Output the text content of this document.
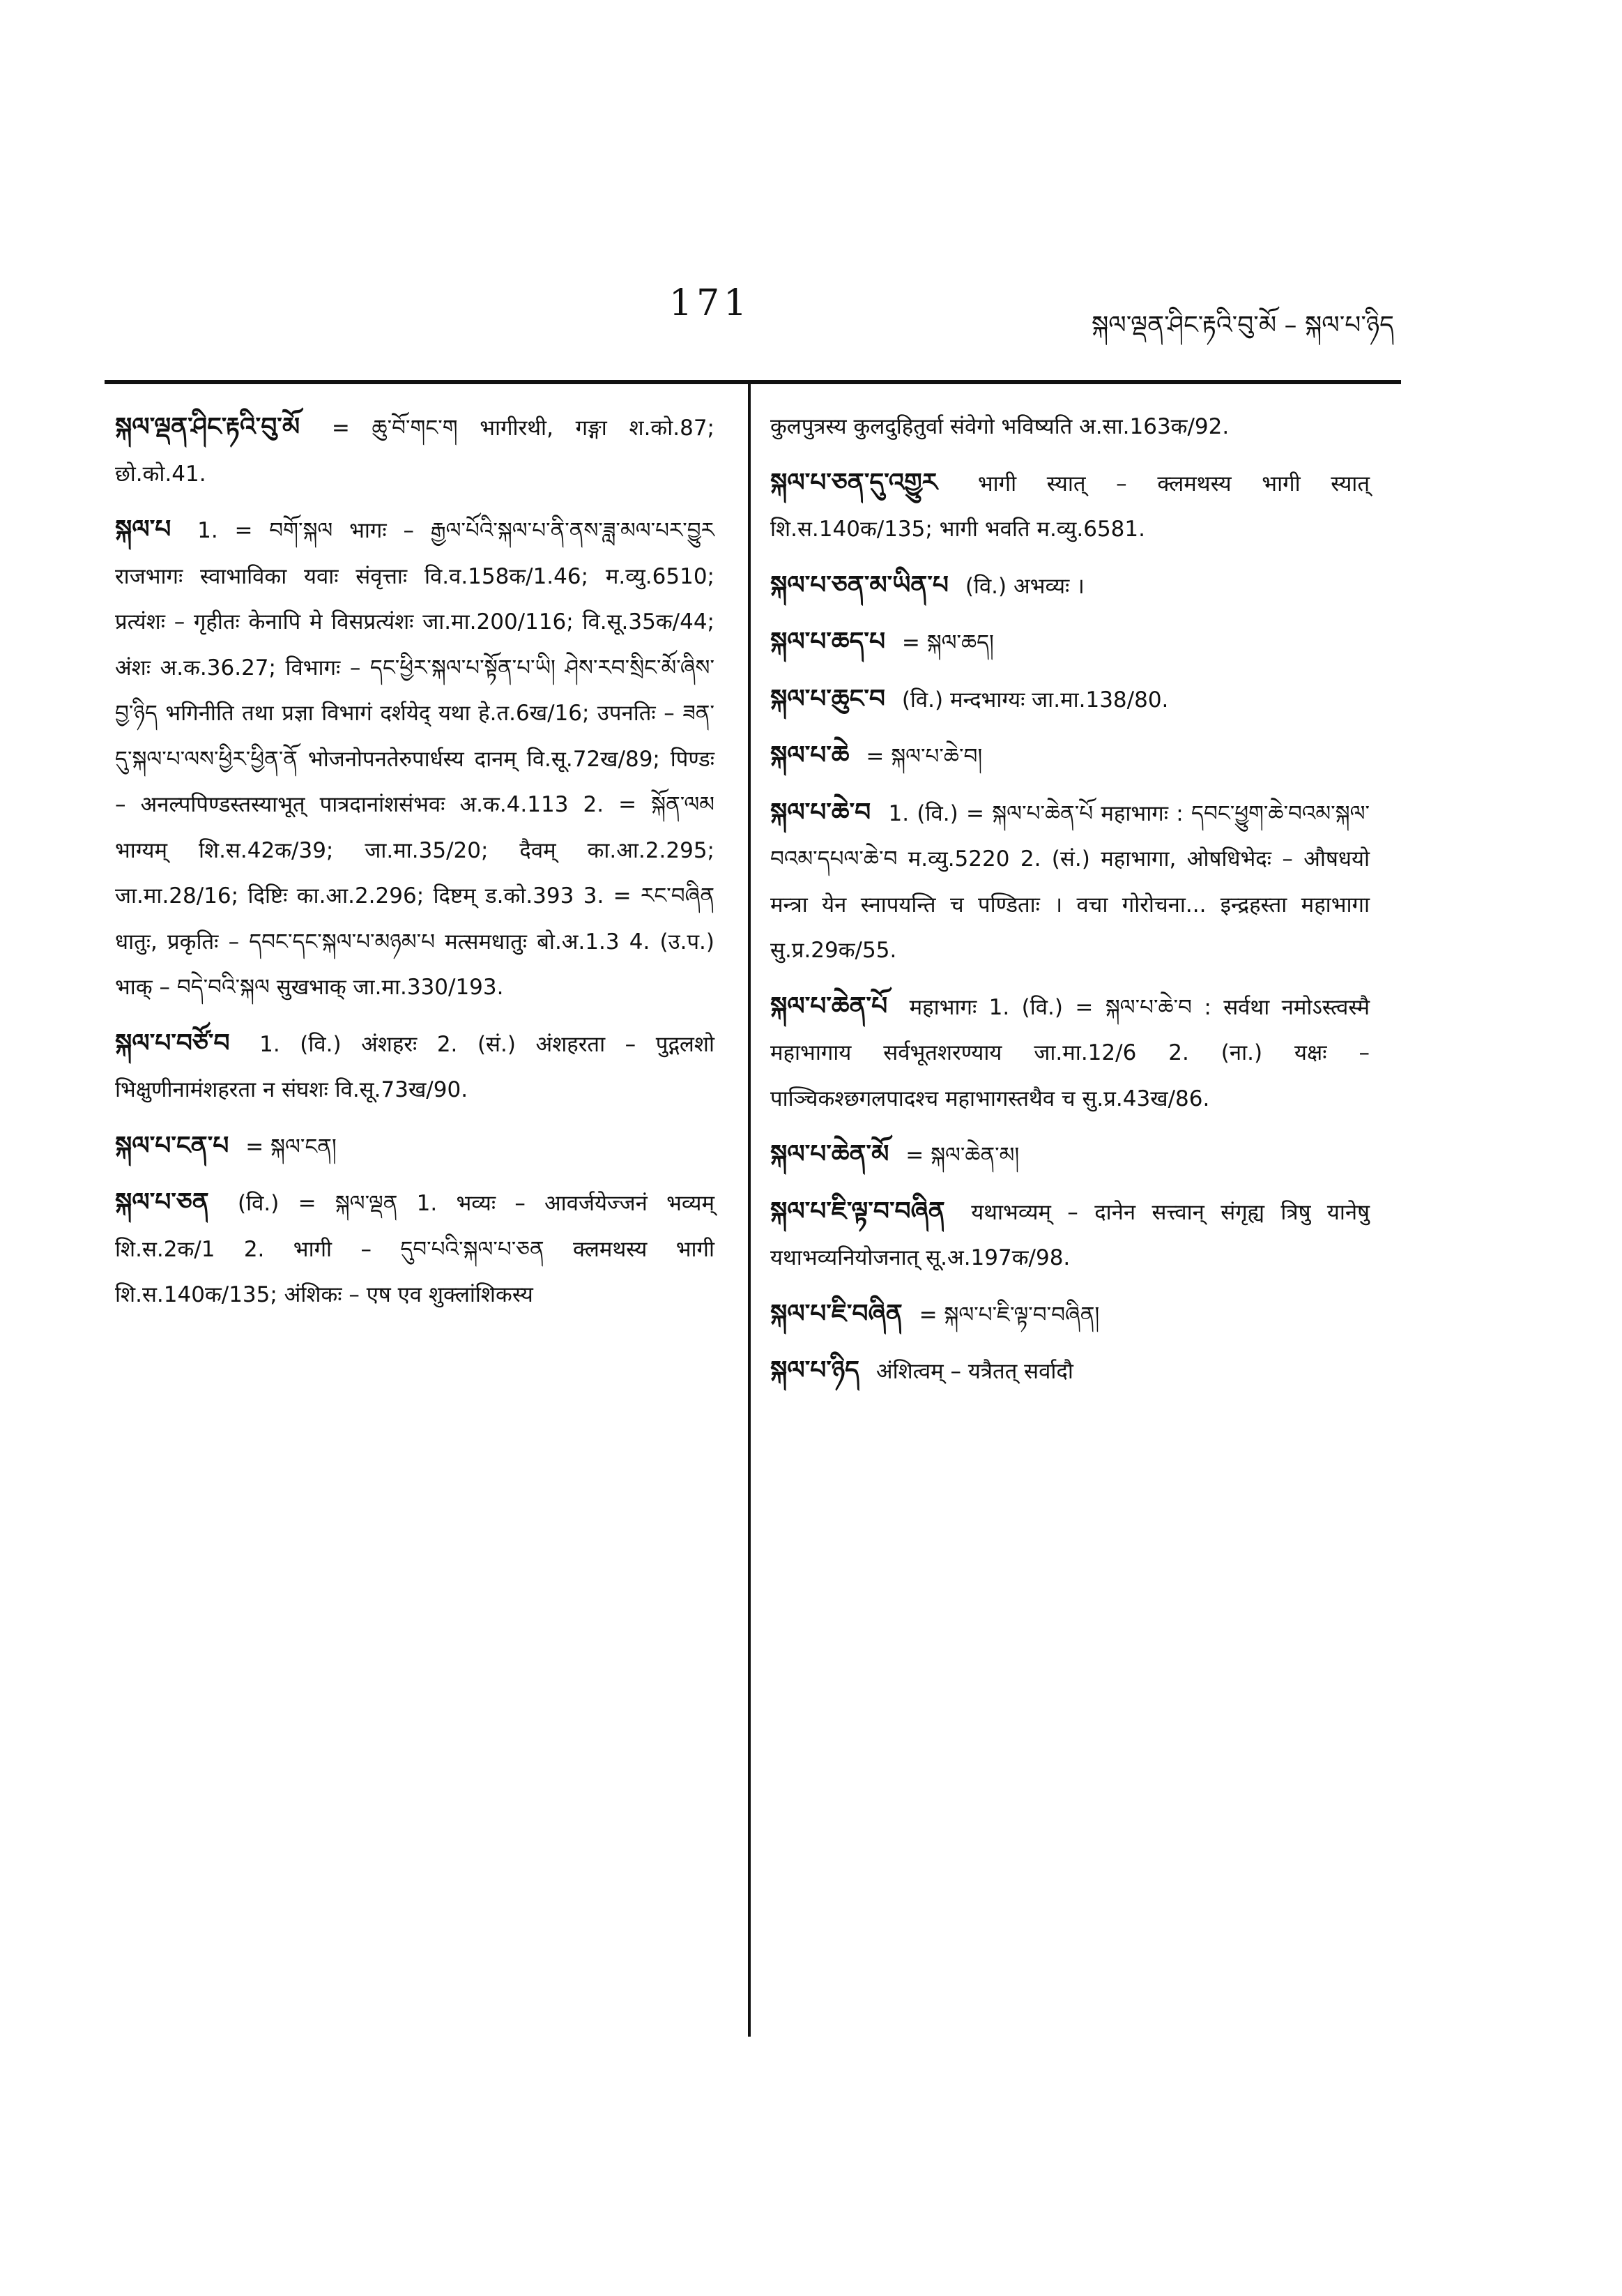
171
སྐལ་ལྡན་ཤིང་རྟའི་བུ་མོ – སྐལ་པ་ཉིད

སྐལ་ལྡན་ཤིང་རྟའི་བུ་མོ = ཆུ་བོ་གང་ག भागीरथी, गङ्गा श.को.87; छो.को.41.

སྐལ་པ 1. = བགོ་སྐལ भागः – རྒྱལ་པོའི་སྐལ་པ་ནི་ནས་ཟླ་མལ་པར་བྱུར राजभागः स्वाभाविका यवाः संवृत्ताः वि.व.158क/1.46; म.व्यु.6510; प्रत्यंशः – गृहीतः केनापि मे विसप्रत्यंशः जा.मा.200/116; वि.सू.35क/44; अंशः अ.क.36.27; विभागः – དང་ཕྱིར་སྐལ་པ་སྟོན་པ་ཡི། ཤེས་རབ་སྲིང་མོ་ཞིས་བྱ་ཉིད भगिनीति तथा प्रज्ञा विभागं दर्शयेद् यथा हे.त.6ख/16; उपनतिः – ཟན་དུ་སྐལ་པ་ལས་ཕྱིར་ཕྱིན་ནོ भोजनोपनतेरुपार्धस्य दानम् वि.सू.72ख/89; पिण्डः – अनल्पपिण्डस्तस्याभूत् पात्रदानांशसंभवः अ.क.4.113 2. = སྐོན་ལམ भाग्यम् शि.स.42क/39; जा.मा.35/20; दैवम् का.आ.2.295; जा.मा.28/16; दिष्टिः का.आ.2.296; दिष्टम् ड.को.393 3. = རང་བཞིན धातुः, प्रकृतिः – དབང་དང་སྐལ་པ་མཉམ་པ मत्समधातुः बो.अ.1.3 4. (उ.प.) भाक् – བདེ་བའི་སྐལ सुखभाक् जा.मा.330/193.

སྐལ་པ་བཙོ་བ 1. (वि.) अंशहरः 2. (सं.) अंशहरता – पुद्गलशो भिक्षुणीनामंशहरता न संघशः वि.सू.73ख/90.

སྐལ་པ་ངན་པ = སྐལ་ངན།

སྐལ་པ་ཅན (वि.) = སྐལ་ལྡན 1. भव्यः – आवर्जयेज्जनं भव्यम् शि.स.2क/1 2. भागी – དུབ་པའི་སྐལ་པ་ཅན क्लमथस्य भागी शि.स.140क/135; अंशिकः – एष एव शुक्लांशिकस्य

कुलपुत्रस्य कुलदुहितुर्वा संवेगो भविष्यति अ.सा.163क/92.

སྐལ་པ་ཅན་དུ་འགྱུར भागी स्यात् – क्लमथस्य भागी स्यात् शि.स.140क/135; भागी भवति म.व्यु.6581.

སྐལ་པ་ཅན་མ་ཡིན་པ (वि.) अभव्यः ।

སྐལ་པ་ཆད་པ = སྐལ་ཆད།

སྐལ་པ་ཆུང་བ (वि.) मन्दभाग्यः जा.मा.138/80.

སྐལ་པ་ཆེ = སྐལ་པ་ཆེ་བ།

སྐལ་པ་ཆེ་བ 1. (वि.) = སྐལ་པ་ཆེན་པོ महाभागः : དབང་ཕྱུག་ཆེ་བའམ་སྐལ་བའམ་དཔལ་ཆེ་བ म.व्यु.5220 2. (सं.) महाभागा, ओषधिभेदः – औषधयो मन्त्रा येन स्नापयन्ति च पण्डिताः । वचा गोरोचना... इन्द्रहस्ता महाभागा सु.प्र.29क/55.

སྐལ་པ་ཆེན་པོ महाभागः 1. (वि.) = སྐལ་པ་ཆེ་བ : सर्वथा नमोऽस्त्वस्मै महाभागाय सर्वभूतशरण्याय जा.मा.12/6 2. (ना.) यक्षः – पाञ्चिकश्छगलपादश्च महाभागस्तथैव च सु.प्र.43ख/86.

སྐལ་པ་ཆེན་མོ = སྐལ་ཆེན་མ།

སྐལ་པ་ཇི་ལྟ་བ་བཞིན यथाभव्यम् – दानेन सत्त्वान् संगृह्य त्रिषु यानेषु यथाभव्यनियोजनात् सू.अ.197क/98.

སྐལ་པ་ཇི་བཞིན = སྐལ་པ་ཇི་ལྟ་བ་བཞིན།

སྐལ་པ་ཉིད अंशित्वम् – यत्रैतत् सर्वादौ
